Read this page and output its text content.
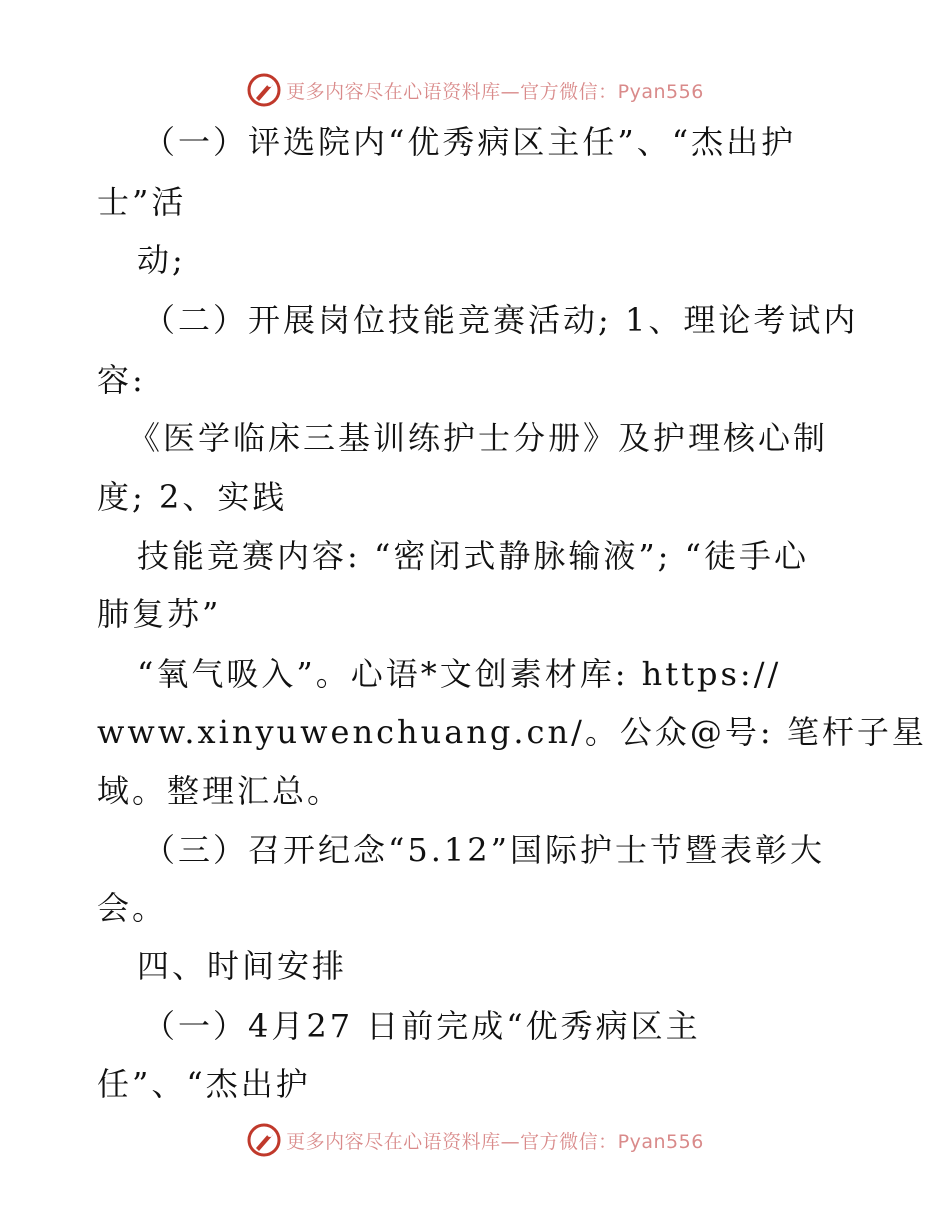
更多内容尽在心语资料库—官方微信：Pyan556
（一）评选院内“优秀病区主任”、“杰出护
士”活
动;
（二）开展岗位技能竞赛活动; 1、理论考试内
容:
《医学临床三基训练护士分册》及护理核心制
度; 2、实践
技能竞赛内容: “密闭式静脉输液”; “徒手心
肺复苏”
“氧气吸入”。心语*文创素材库: https://
www.xinyuwenchuang.cn/。公众@号: 笔杆子星
域。整理汇总。
（三）召开纪念“5.12”国际护士节暨表彰大
会。
四、时间安排
（一）4月27 日前完成“优秀病区主
任”、“杰出护
更多内容尽在心语资料库—官方微信：Pyan556
